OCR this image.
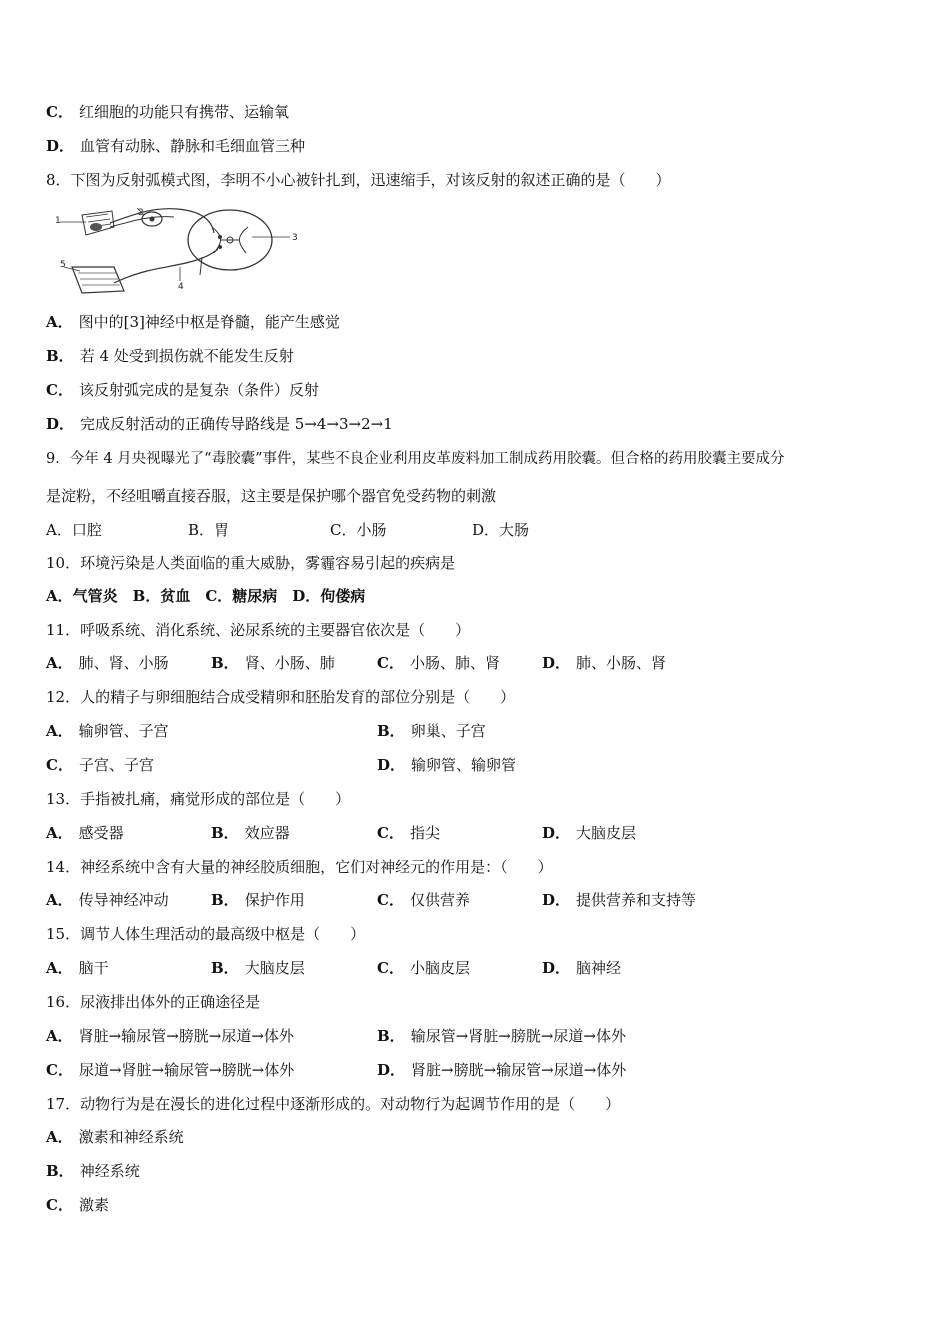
C． 红细胞的功能只有携带、运输氧
D． 血管有动脉、静脉和毛细血管三种
8．下图为反射弧模式图，李明不小心被针扎到，迅速缩手，对该反射的叙述正确的是（　　）
1
2
3
4
5
A． 图中的[3]神经中枢是脊髓，能产生感觉
B． 若 4 处受到损伤就不能发生反射
C． 该反射弧完成的是复杂（条件）反射
D． 完成反射活动的正确传导路线是 5→4→3→2→1
9．今年 4 月央视曝光了“毒胶囊”事件，某些不良企业利用皮革废料加工制成药用胶囊。但合格的药用胶囊主要成分
是淀粉，不经咀嚼直接吞服，这主要是保护哪个器官免受药物的刺激
A．口腔	B．胃	C．小肠	D．大肠
10．环境污染是人类面临的重大威胁，雾霾容易引起的疾病是
A．气管炎　B．贫血　C．糖尿病　D．佝偻病
11．呼吸系统、消化系统、泌尿系统的主要器官依次是（　　）
A． 肺、肾、小肠	B． 肾、小肠、肺	C． 小肠、肺、肾	D． 肺、小肠、肾
12．人的精子与卵细胞结合成受精卵和胚胎发育的部位分别是（　　）
A． 输卵管、子宫	B． 卵巢、子宫
C． 子宫、子宫	D． 输卵管、输卵管
13．手指被扎痛，痛觉形成的部位是（　　）
A． 感受器	B． 效应器	C． 指尖	D． 大脑皮层
14．神经系统中含有大量的神经胶质细胞，它们对神经元的作用是：（　　）
A． 传导神经冲动	B． 保护作用	C． 仅供营养	D． 提供营养和支持等
15．调节人体生理活动的最高级中枢是（　　）
A． 脑干	B． 大脑皮层	C． 小脑皮层	D． 脑神经
16．尿液排出体外的正确途径是
A． 肾脏→输尿管→膀胱→尿道→体外	B． 输尿管→肾脏→膀胱→尿道→体外
C． 尿道→肾脏→输尿管→膀胱→体外	D． 肾脏→膀胱→输尿管→尿道→体外
17．动物行为是在漫长的进化过程中逐渐形成的。对动物行为起调节作用的是（　　）
A． 激素和神经系统
B． 神经系统
C． 激素
